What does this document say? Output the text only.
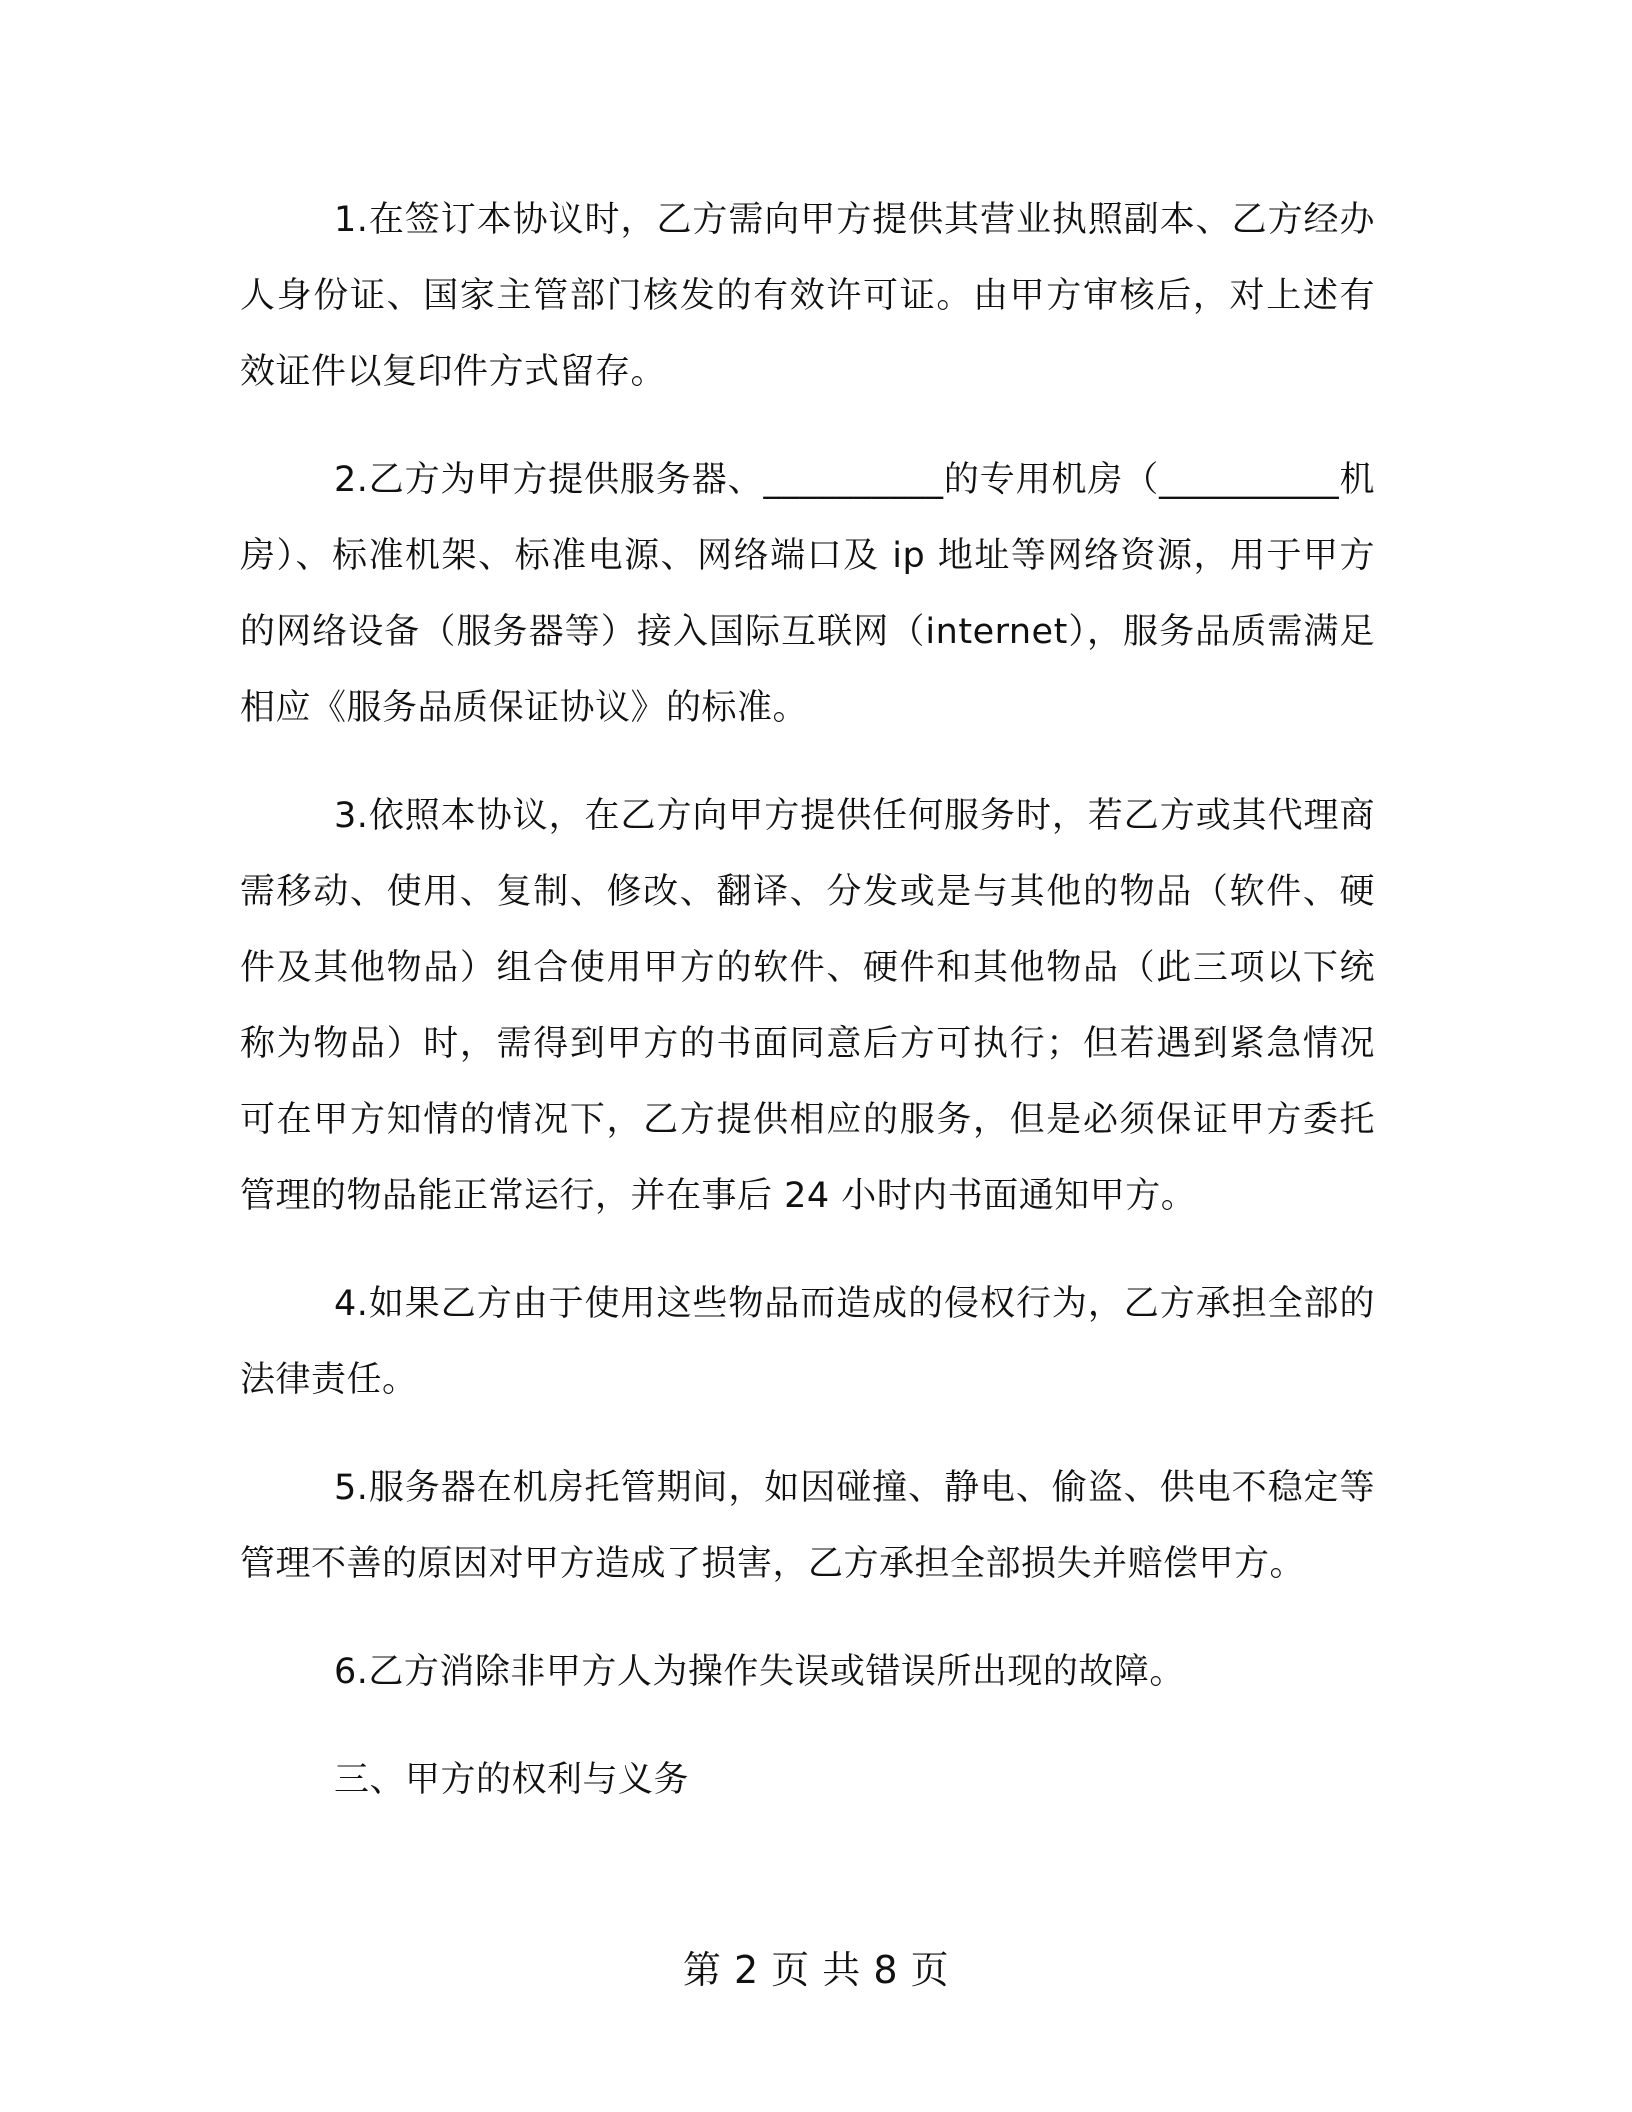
1.在签订本协议时，乙方需向甲方提供其营业执照副本、乙方经办人身份证、国家主管部门核发的有效许可证。由甲方审核后，对上述有效证件以复印件方式留存。

2.乙方为甲方提供服务器、__________的专用机房（__________机房）、标准机架、标准电源、网络端口及 ip 地址等网络资源，用于甲方的网络设备（服务器等）接入国际互联网（internet），服务品质需满足相应《服务品质保证协议》的标准。

3.依照本协议，在乙方向甲方提供任何服务时，若乙方或其代理商需移动、使用、复制、修改、翻译、分发或是与其他的物品（软件、硬件及其他物品）组合使用甲方的软件、硬件和其他物品（此三项以下统称为物品）时，需得到甲方的书面同意后方可执行；但若遇到紧急情况可在甲方知情的情况下，乙方提供相应的服务，但是必须保证甲方委托管理的物品能正常运行，并在事后 24 小时内书面通知甲方。

4.如果乙方由于使用这些物品而造成的侵权行为，乙方承担全部的法律责任。

5.服务器在机房托管期间，如因碰撞、静电、偷盗、供电不稳定等管理不善的原因对甲方造成了损害，乙方承担全部损失并赔偿甲方。

6.乙方消除非甲方人为操作失误或错误所出现的故障。

三、甲方的权利与义务

第 2 页 共 8 页
